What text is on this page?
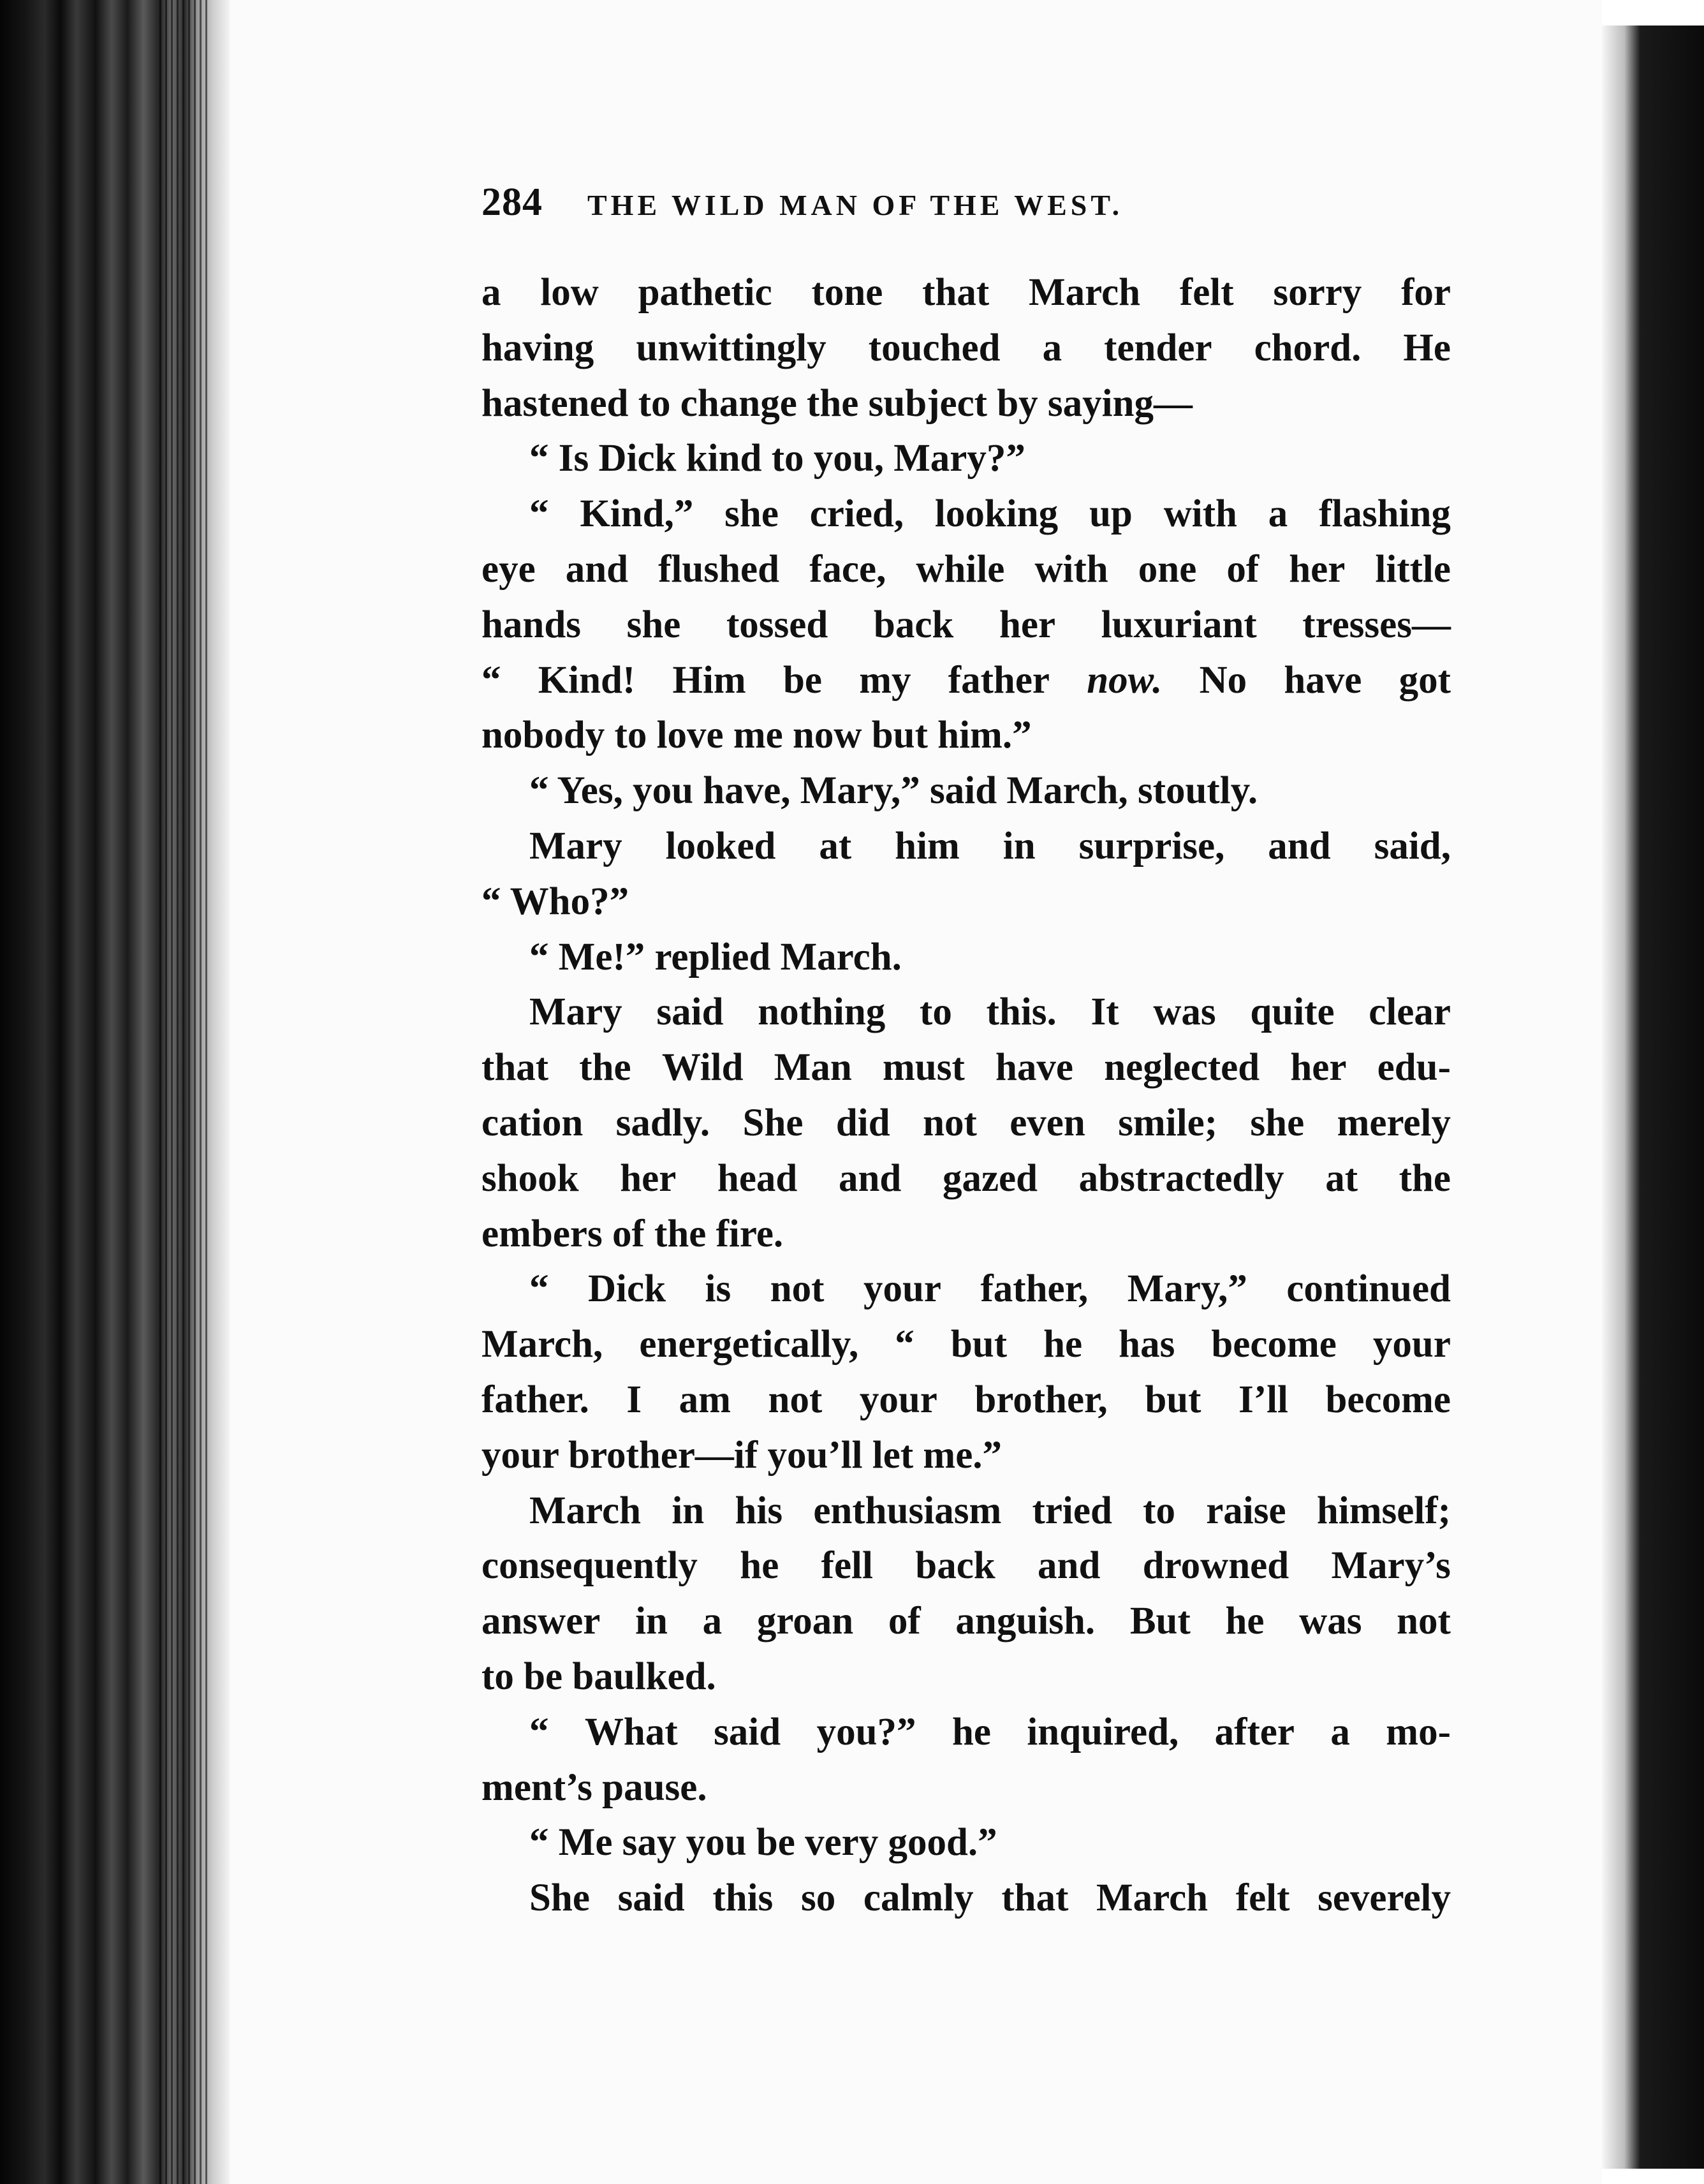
284 THE WILD MAN OF THE WEST.
a low pathetic tone that March felt sorry for
having unwittingly touched a tender chord. He
hastened to change the subject by saying—
“ Is Dick kind to you, Mary?”
“ Kind,” she cried, looking up with a flashing
eye and flushed face, while with one of her little
hands she tossed back her luxuriant tresses—
“ Kind! Him be my father now. No have got
nobody to love me now but him.”
“ Yes, you have, Mary,” said March, stoutly.
Mary looked at him in surprise, and said,
“ Who?”
“ Me!” replied March.
Mary said nothing to this. It was quite clear
that the Wild Man must have neglected her edu-
cation sadly. She did not even smile; she merely
shook her head and gazed abstractedly at the
embers of the fire.
“ Dick is not your father, Mary,” continued
March, energetically, “ but he has become your
father. I am not your brother, but I’ll become
your brother—if you’ll let me.”
March in his enthusiasm tried to raise himself;
consequently he fell back and drowned Mary’s
answer in a groan of anguish. But he was not
to be baulked.
“ What said you?” he inquired, after a mo-
ment’s pause.
“ Me say you be very good.”
She said this so calmly that March felt severely
